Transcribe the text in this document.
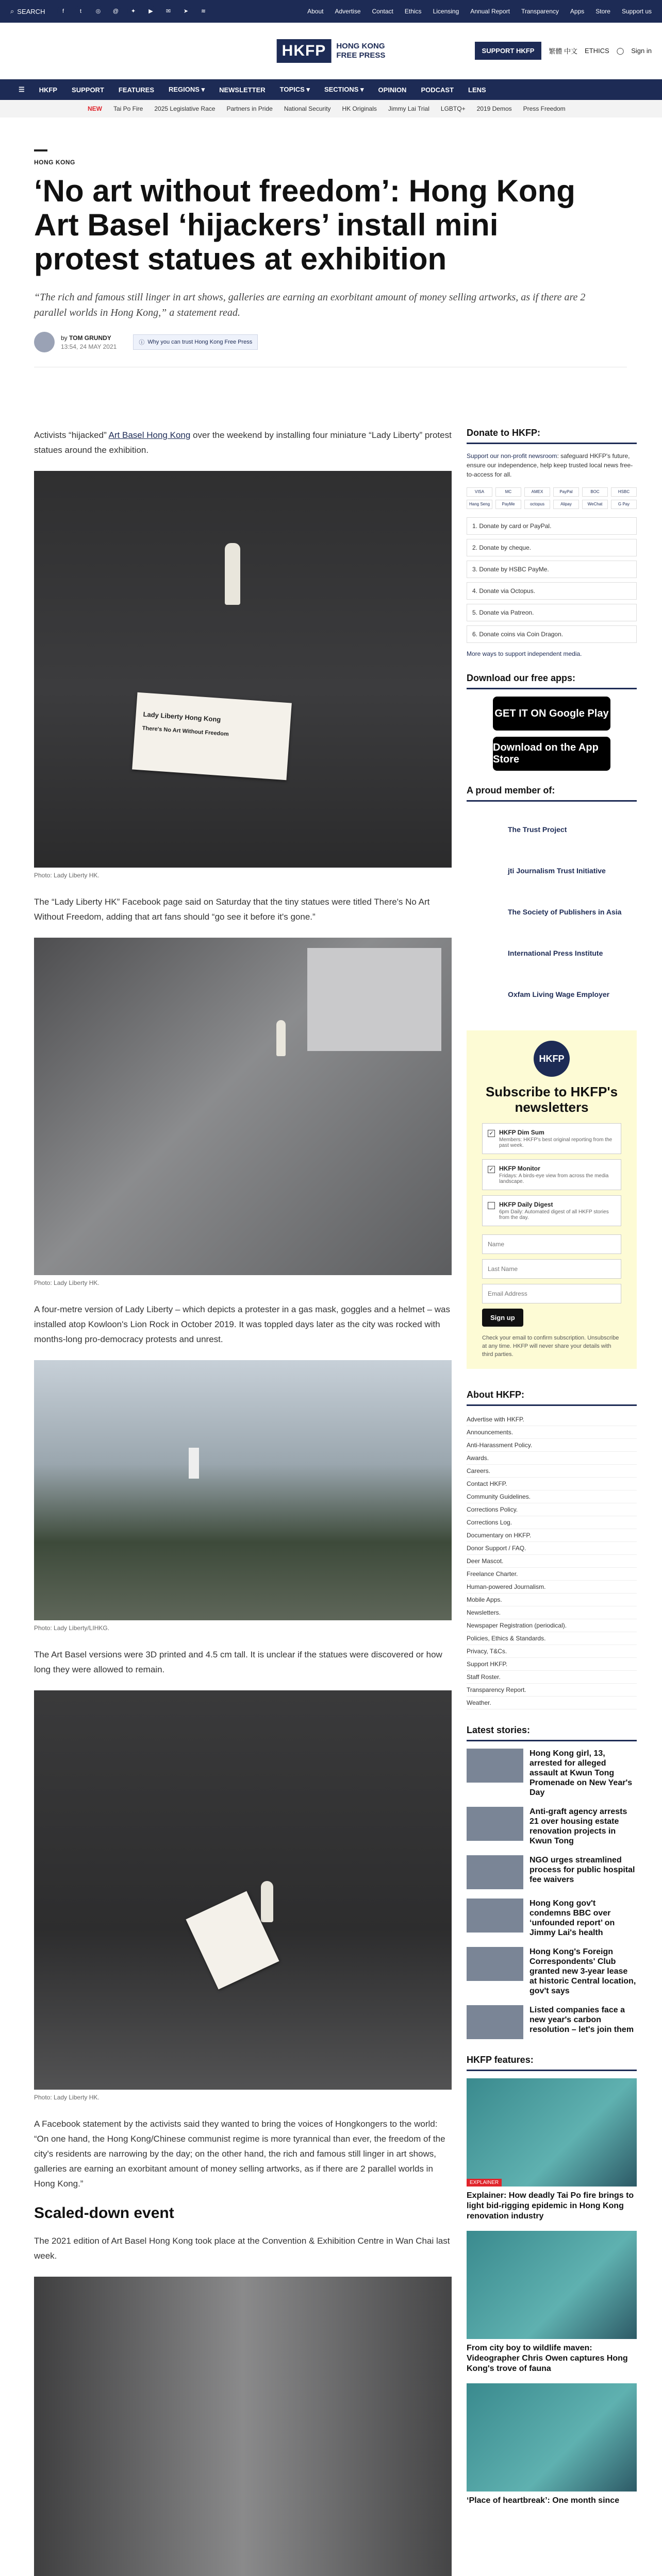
⌕ SEARCH	f	t	◎	@	✦	▶	✉	➤	≋	About Advertise Contact Ethics Licensing Annual Report Transparency Apps Store Support us
HKFP	HONG KONG
FREE PRESS	SUPPORT HKFP	繁體 中文 ETHICS ◯ Sign in
☰ HKFP SUPPORT FEATURES REGIONS ▾ NEWSLETTER TOPICS ▾ SECTIONS ▾ OPINION PODCAST LENS
NEW Tai Po Fire 2025 Legislative Race Partners in Pride National Security HK Originals Jimmy Lai Trial LGBTQ+ 2019 Demos Press Freedom
HONG KONG
‘No art without freedom’: Hong Kong Art Basel ‘hijackers’ install mini protest statues at exhibition
“The rich and famous still linger in art shows, galleries are earning an exorbitant amount of money selling artworks, as if there are 2 parallel worlds in Hong Kong,” a statement read.
by TOM GRUNDY
13:54, 24 MAY 2021
ⓘ Why you can trust Hong Kong Free Press

Activists “hijacked” Art Basel Hong Kong over the weekend by installing four miniature “Lady Liberty” protest statues around the exhibition.

Lady Liberty Hong Kong
There's No Art Without Freedom
Photo: Lady Liberty HK.

The “Lady Liberty HK” Facebook page said on Saturday that the tiny statues were titled There's No Art Without Freedom, adding that art fans should “go see it before it's gone.”

Photo: Lady Liberty HK.

A four-metre version of Lady Liberty – which depicts a protester in a gas mask, goggles and a helmet – was installed atop Kowloon's Lion Rock in October 2019. It was toppled days later as the city was rocked with months-long pro-democracy protests and unrest.

Photo: Lady Liberty/LIHKG.

The Art Basel versions were 3D printed and 4.5 cm tall. It is unclear if the statues were discovered or how long they were allowed to remain.

Photo: Lady Liberty HK.

A Facebook statement by the activists said they wanted to bring the voices of Hongkongers to the world: “On one hand, the Hong Kong/Chinese communist regime is more tyrannical than ever, the freedom of the city's residents are narrowing by the day; on the other hand, the rich and famous still linger in art shows, galleries are earning an exorbitant amount of money selling artworks, as if there are 2 parallel worlds in Hong Kong.”

Scaled-down event

The 2021 edition of Art Basel Hong Kong took place at the Convention & Exhibition Centre in Wan Chai last week.

Donate to HKFP:

Support our non-profit newsroom: safeguard HKFP's future, ensure our independence, help keep trusted local news free-to-access for all.

VISA	MC	AMEX	PayPal	BOC	HSBC
Hang Seng	PayMe	octopus	Alipay	WeChat	G Pay
1. Donate by card or PayPal.
2. Donate by cheque.
3. Donate by HSBC PayMe.
4. Donate via Octopus.
5. Donate via Patreon.
6. Donate coins via Coin Dragon.

More ways to support independent media.

Download our free apps:
GET IT ON Google Play
Download on the App Store
A proud member of:
The Trust Project
jti Journalism Trust Initiative
The Society of Publishers in Asia
International Press Institute
Oxfam Living Wage Employer
HKFP
Subscribe to HKFP's newsletters
✓ HKFP Dim Sum
Members: HKFP's best original reporting from the past week.
✓ HKFP Monitor
Fridays: A birds-eye view from across the media landscape.
HKFP Daily Digest
6pm Daily: Automated digest of all HKFP stories from the day.
Name
Last Name
Email Address
Sign up
Check your email to confirm subscription. Unsubscribe at any time. HKFP will never share your details with third parties.
About HKFP:
Advertise with HKFP.
Announcements.
Anti-Harassment Policy.
Awards.
Careers.
Contact HKFP.
Community Guidelines.
Corrections Policy.
Corrections Log.
Documentary on HKFP.
Donor Support / FAQ.
Deer Mascot.
Freelance Charter.
Human-powered Journalism.
Mobile Apps.
Newsletters.
Newspaper Registration (periodical).
Policies, Ethics & Standards.
Privacy, T&Cs.
Support HKFP.
Staff Roster.
Transparency Report.
Weather.
Latest stories:
Hong Kong girl, 13, arrested for alleged assault at Kwun Tong Promenade on New Year's Day
Anti-graft agency arrests 21 over housing estate renovation projects in Kwun Tong
NGO urges streamlined process for public hospital fee waivers
Hong Kong gov't condemns BBC over ‘unfounded report’ on Jimmy Lai's health
Hong Kong's Foreign Correspondents' Club granted new 3-year lease at historic Central location, gov't says
Listed companies face a new year's carbon resolution – let's join them
HKFP features:
EXPLAINER
Explainer: How deadly Tai Po fire brings to light bid-rigging epidemic in Hong Kong renovation industry
From city boy to wildlife maven: Videographer Chris Owen captures Hong Kong's trove of fauna
‘Place of heartbreak’: One month since
